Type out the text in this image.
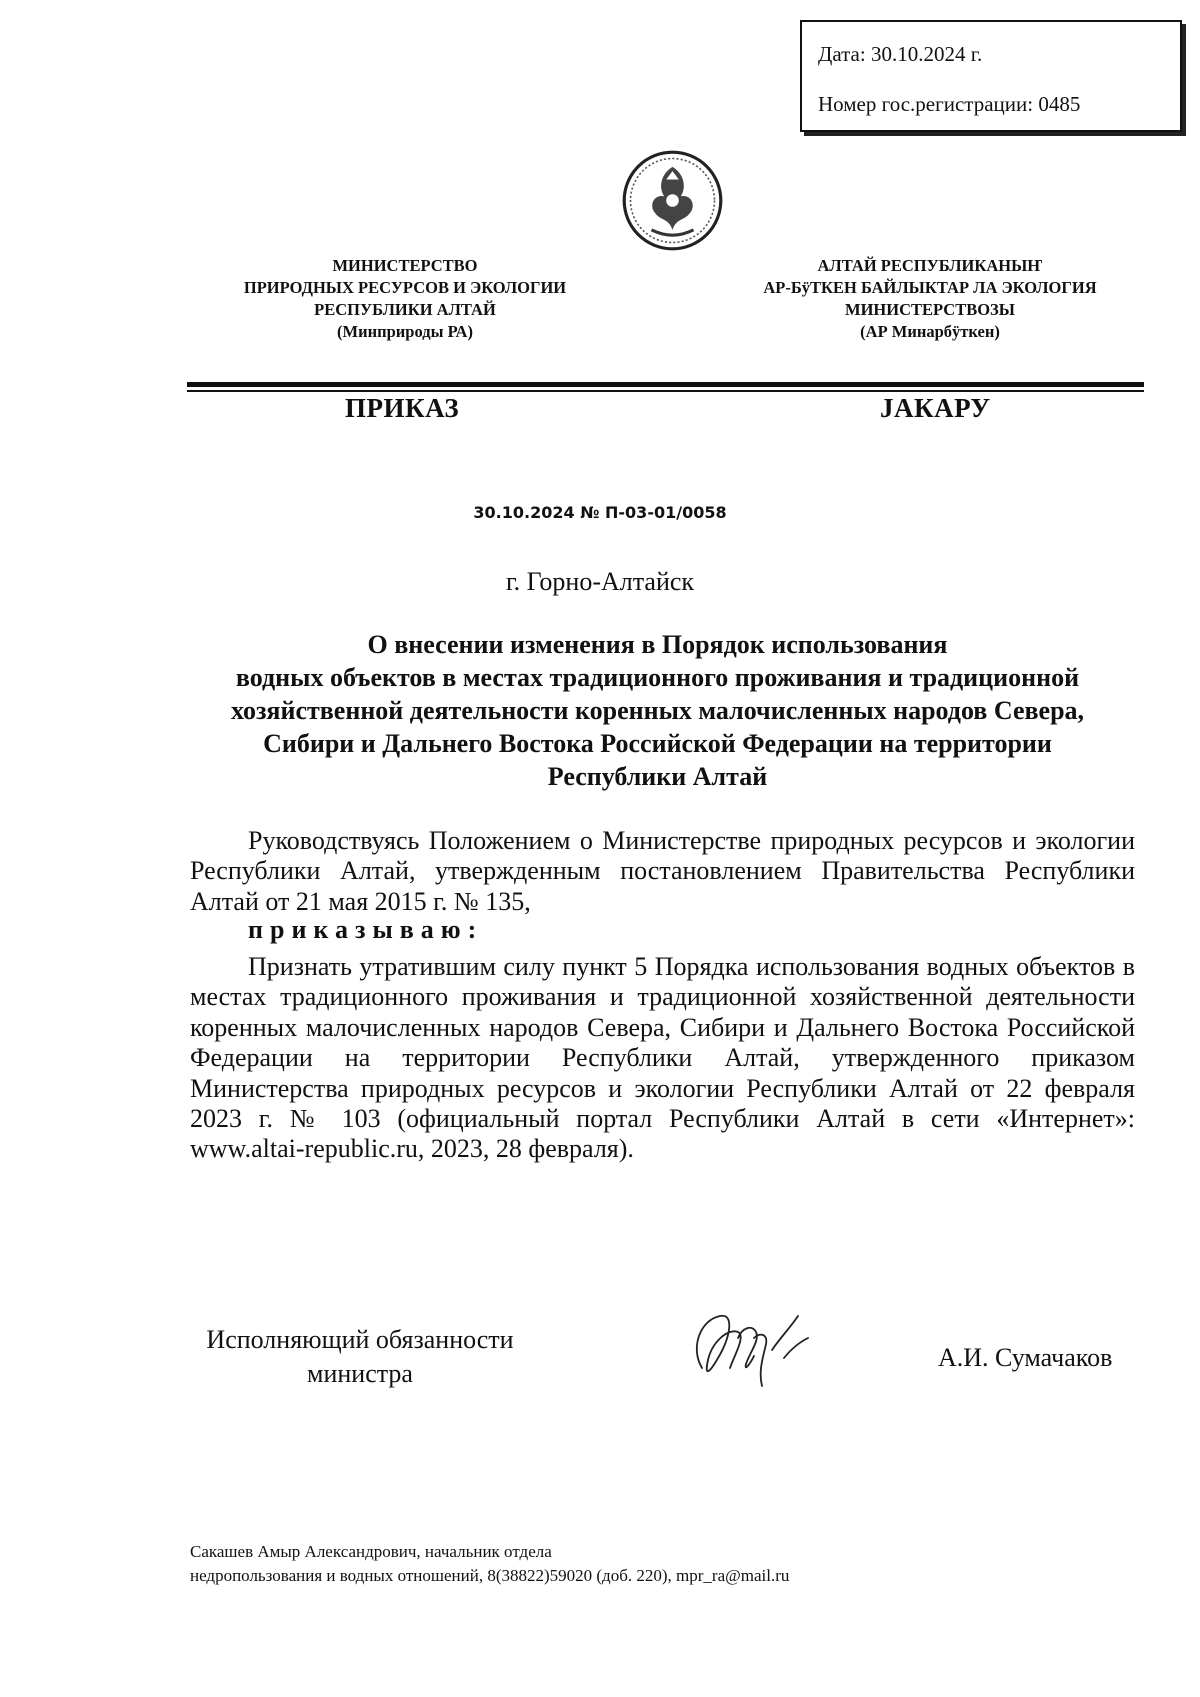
Дата: 30.10.2024 г.
Номер гос.регистрации: 0485
МИНИСТЕРСТВО
ПРИРОДНЫХ РЕСУРСОВ И ЭКОЛОГИИ
РЕСПУБЛИКИ АЛТАЙ
(Минприроды РА)
АЛТАЙ РЕСПУБЛИКАНЫҤ
АР-БÿТКЕН БАЙЛЫКТАР ЛА ЭКОЛОГИЯ
МИНИСТЕРСТВОЗЫ
(АР Минарбÿткен)
ПРИКАЗ	JАКАРУ
30.10.2024 № П-03-01/0058
г. Горно-Алтайск
О внесении изменения в Порядок использования
водных объектов в местах традиционного проживания и традиционной
хозяйственной деятельности коренных малочисленных народов Севера,
Сибири и Дальнего Востока Российской Федерации на территории
Республики Алтай
Руководствуясь Положением о Министерстве природных ресурсов и экологии Республики Алтай, утвержденным постановлением Правительства Республики Алтай от 21 мая 2015 г. № 135,
приказываю:
Признать утратившим силу пункт 5 Порядка использования водных объектов в местах традиционного проживания и традиционной хозяйственной деятельности коренных малочисленных народов Севера, Сибири и Дальнего Востока Российской Федерации на территории Республики Алтай, утвержденного приказом Министерства природных ресурсов и экологии Республики Алтай от 22 февраля 2023 г. № 103 (официальный портал Республики Алтай в сети «Интернет»: www.altai-republic.ru, 2023, 28 февраля).
Исполняющий обязанности
министра
А.И. Сумачаков
Сакашев Амыр Александрович, начальник отдела
недропользования и водных отношений, 8(38822)59020 (доб. 220), mpr_ra@mail.ru
